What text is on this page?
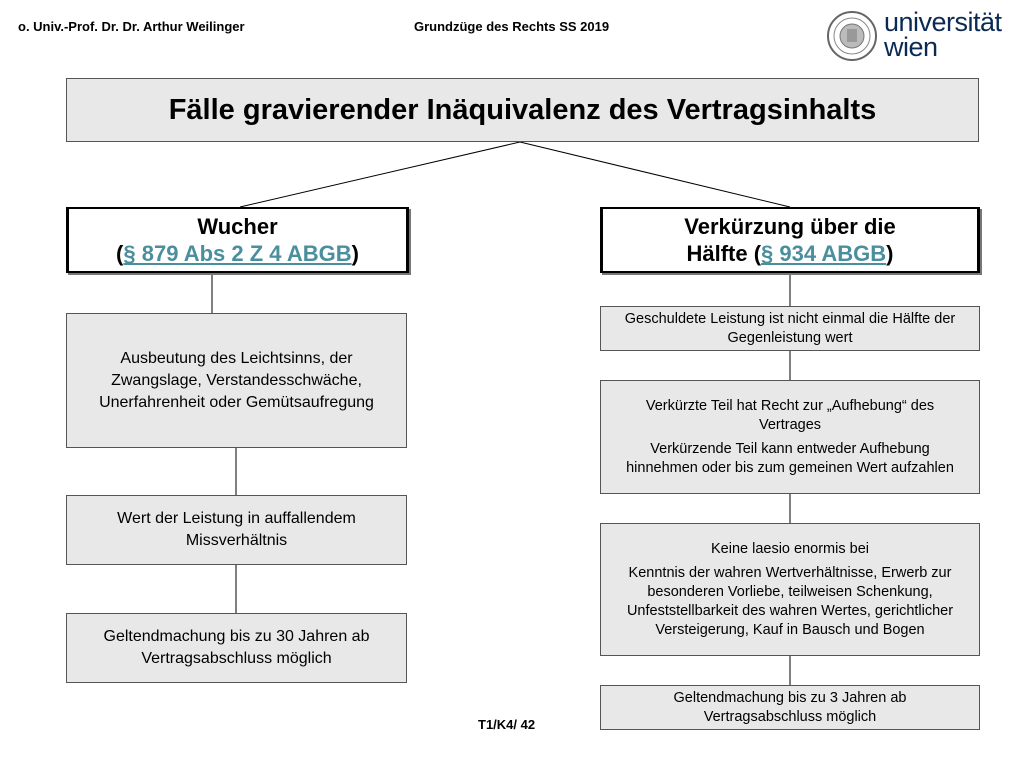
o. Univ.-Prof. Dr. Dr. Arthur Weilinger	Grundzüge des Rechts SS 2019	universität
wien

Fälle gravierender Inäquivalenz des Vertragsinhalts

Wucher

(§ 879 Abs 2 Z 4 ABGB)

Ausbeutung des Leichtsinns, der Zwangslage, Verstandesschwäche, Unerfahrenheit oder Gemütsaufregung

Wert der Leistung in auffallendem Missverhältnis

Geltendmachung bis zu 30 Jahren ab Vertragsabschluss möglich

Verkürzung über die

Hälfte (§ 934 ABGB)

Geschuldete Leistung ist nicht einmal die Hälfte der Gegenleistung wert

Verkürzte Teil hat Recht zur „Aufhebung“ des Vertrages

Verkürzende Teil kann entweder Aufhebung hinnehmen oder bis zum gemeinen Wert aufzahlen

Keine laesio enormis bei

Kenntnis der wahren Wertverhältnisse, Erwerb zur besonderen Vorliebe, teilweisen Schenkung, Unfeststellbarkeit des wahren Wertes, gerichtlicher Versteigerung, Kauf in Bausch und Bogen

Geltendmachung bis zu 3 Jahren ab Vertragsabschluss möglich

T1/K4/ 42
